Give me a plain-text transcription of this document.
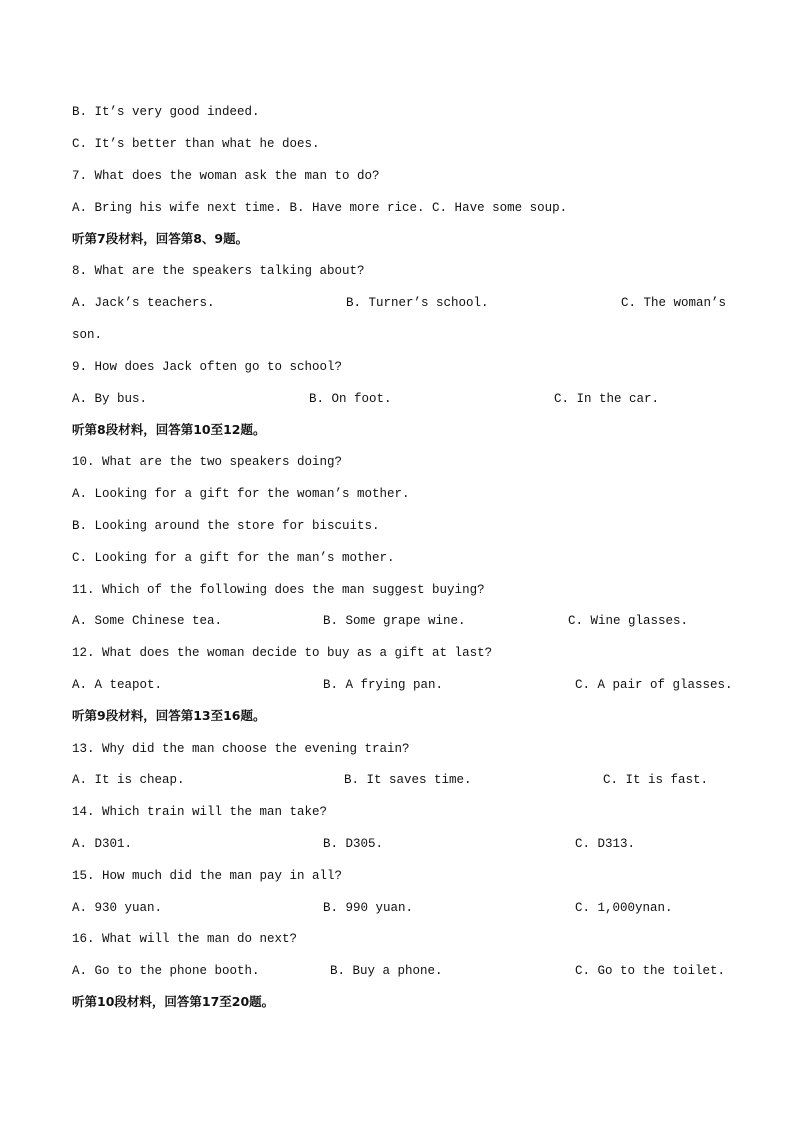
B. It’s very good indeed.
C. It’s better than what he does.
7. What does the woman ask the man to do?
A. Bring his wife next time. B. Have more rice. C. Have some soup.
听第7段材料，回答第8、9题。
8. What are the speakers talking about?
A. Jack’s teachers.	B. Turner’s school.	C. The woman’s
son.
9. How does Jack often go to school?
A. By bus.	B. On foot.	C. In the car.
听第8段材料，回答第10至12题。
10. What are the two speakers doing?
A. Looking for a gift for the woman’s mother.
B. Looking around the store for biscuits.
C. Looking for a gift for the man’s mother.
11. Which of the following does the man suggest buying?
A. Some Chinese tea.	B. Some grape wine.	C. Wine glasses.
12. What does the woman decide to buy as a gift at last?
A. A teapot.	B. A frying pan.	C. A pair of glasses.
听第9段材料，回答第13至16题。
13. Why did the man choose the evening train?
A. It is cheap.	B. It saves time.	C. It is fast.
14. Which train will the man take?
A. D301.	B. D305.	C. D313.
15. How much did the man pay in all?
A. 930 yuan.	B. 990 yuan.	C. 1,000ynan.
16. What will the man do next?
A. Go to the phone booth.	B. Buy a phone.	C. Go to the toilet.
听第10段材料，回答第17至20题。
